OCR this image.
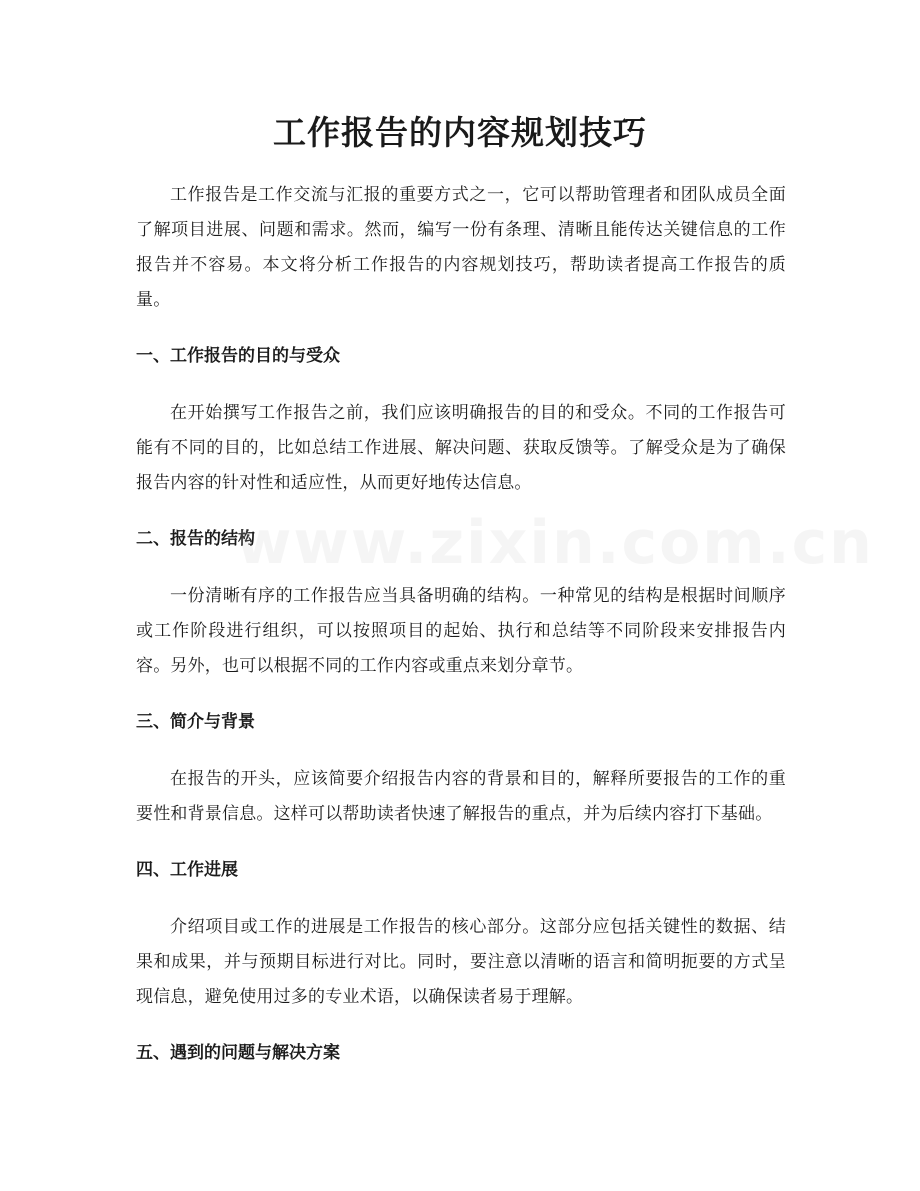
工作报告的内容规划技巧

工作报告是工作交流与汇报的重要方式之一，它可以帮助管理者和团队成员全面了解项目进展、问题和需求。然而，编写一份有条理、清晰且能传达关键信息的工作报告并不容易。本文将分析工作报告的内容规划技巧，帮助读者提高工作报告的质量。

一、工作报告的目的与受众

在开始撰写工作报告之前，我们应该明确报告的目的和受众。不同的工作报告可能有不同的目的，比如总结工作进展、解决问题、获取反馈等。了解受众是为了确保报告内容的针对性和适应性，从而更好地传达信息。

二、报告的结构

一份清晰有序的工作报告应当具备明确的结构。一种常见的结构是根据时间顺序或工作阶段进行组织，可以按照项目的起始、执行和总结等不同阶段来安排报告内容。另外，也可以根据不同的工作内容或重点来划分章节。

三、简介与背景

在报告的开头，应该简要介绍报告内容的背景和目的，解释所要报告的工作的重要性和背景信息。这样可以帮助读者快速了解报告的重点，并为后续内容打下基础。

四、工作进展

介绍项目或工作的进展是工作报告的核心部分。这部分应包括关键性的数据、结果和成果，并与预期目标进行对比。同时，要注意以清晰的语言和简明扼要的方式呈现信息，避免使用过多的专业术语，以确保读者易于理解。

五、遇到的问题与解决方案
www.zixin.com.cn
